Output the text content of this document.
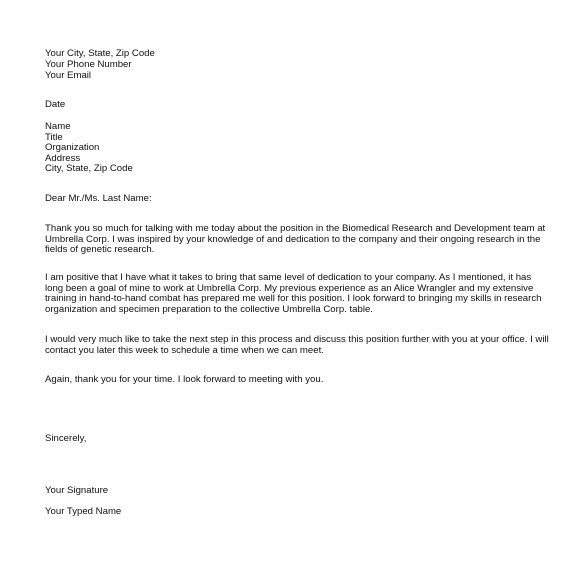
Your City, State, Zip Code
Your Phone Number
Your Email
Date
Name
Title
Organization
Address
City, State, Zip Code
Dear Mr./Ms. Last Name:
Thank you so much for talking with me today about the position in the Biomedical Research and Development team at
Umbrella Corp. I was inspired by your knowledge of and dedication to the company and their ongoing research in the
fields of genetic research.
I am positive that I have what it takes to bring that same level of dedication to your company. As I mentioned, it has
long been a goal of mine to work at Umbrella Corp. My previous experience as an Alice Wrangler and my extensive
training in hand-to-hand combat has prepared me well for this position. I look forward to bringing my skills in research
organization and specimen preparation to the collective Umbrella Corp. table.
I would very much like to take the next step in this process and discuss this position further with you at your office. I will
contact you later this week to schedule a time when we can meet.
Again, thank you for your time. I look forward to meeting with you.
Sincerely,
Your Signature
Your Typed Name
